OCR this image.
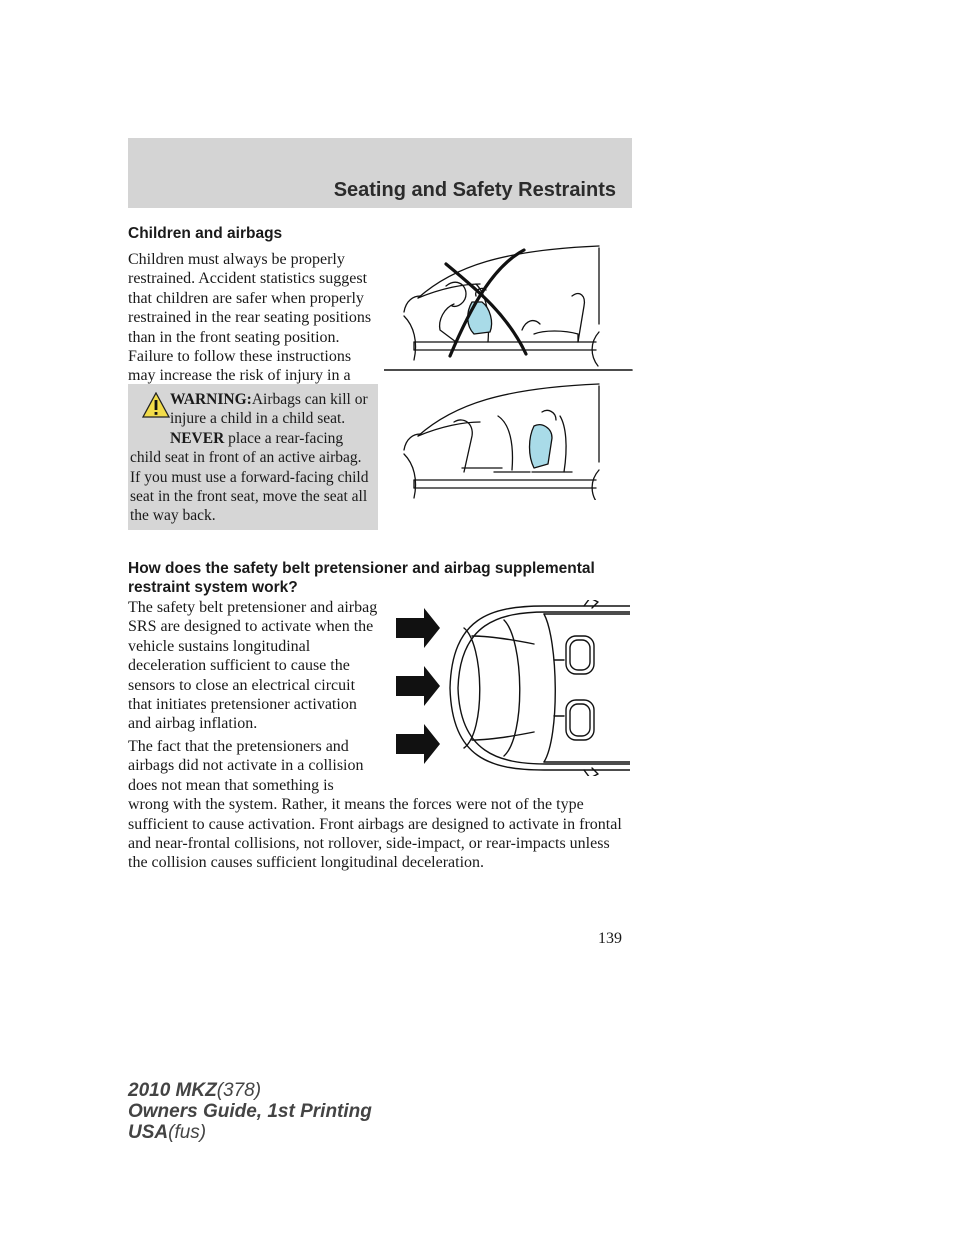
Seating and Safety Restraints
Children and airbags

Children must always be properly restrained. Accident statistics suggest that children are safer when properly restrained in the rear seating positions than in the front seating position. Failure to follow these instructions may increase the risk of injury in a

WARNING:Airbags can kill or injure a child in a child seat. NEVER place a rear-facing child seat in front of an active airbag. If you must use a forward-facing child seat in the front seat, move the seat all the way back.

How does the safety belt pretensioner and airbag supplemental restraint system work?

The safety belt pretensioner and airbag SRS are designed to activate when the vehicle sustains longitudinal deceleration sufficient to cause the sensors to close an electrical circuit that initiates pretensioner activation and airbag inflation.

The fact that the pretensioners and airbags did not activate in a collision does not mean that something is wrong with the system. Rather, it means the forces were not of the type sufficient to cause activation. Front airbags are designed to activate in frontal and near-frontal collisions, not rollover, side-impact, or rear-impacts unless the collision causes sufficient longitudinal deceleration.
139
2010 MKZ(378)
Owners Guide, 1st Printing
USA(fus)
